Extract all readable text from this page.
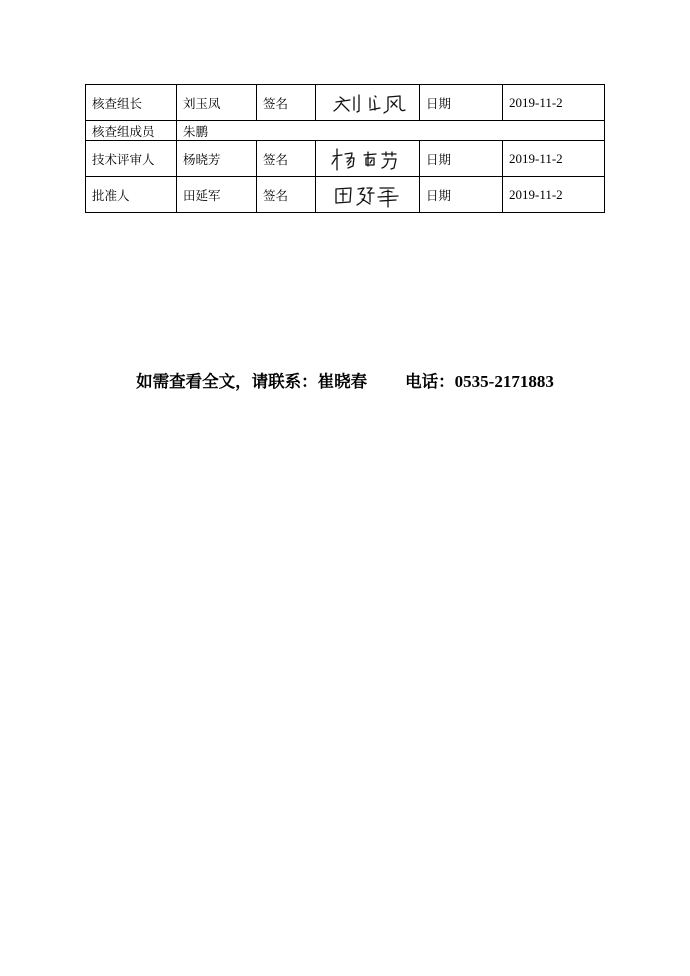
核查组长	刘玉凤	签名		日期	2019-11-2
核查组成员	朱鹏				
技术评审人	杨晓芳	签名		日期	2019-11-2
批准人	田延军	签名		日期	2019-11-2
如需查看全文，请联系：崔晓春 电话：0535-2171883
